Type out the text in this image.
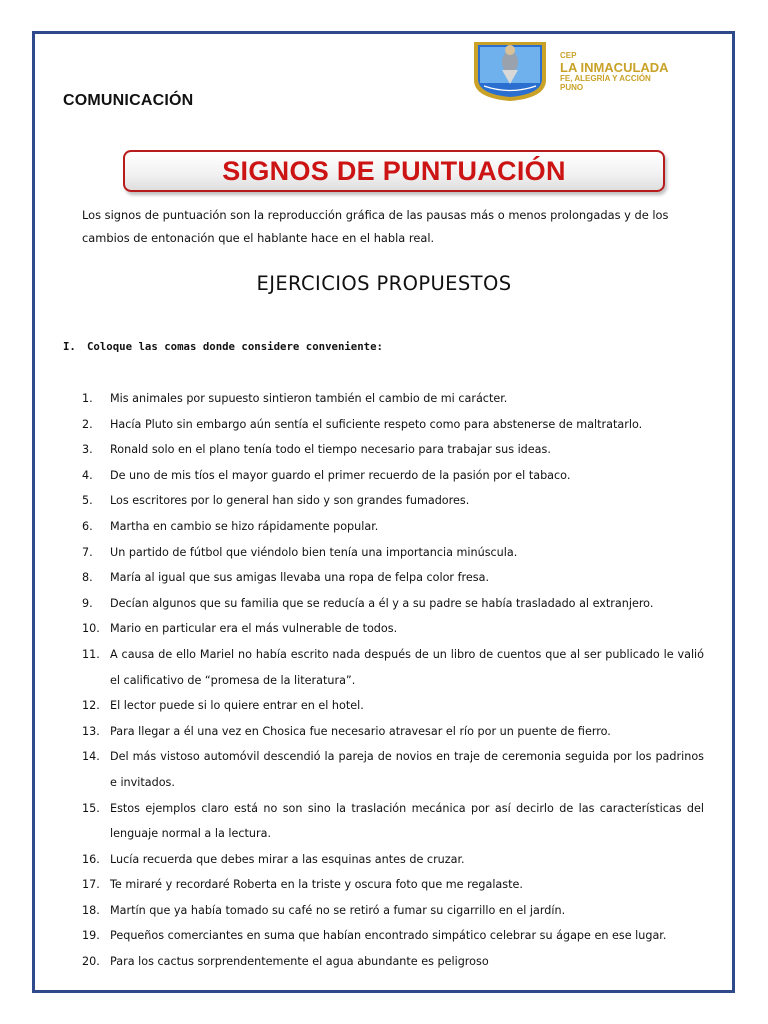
COMUNICACIÓN
CEP
LA INMACULADA
FE, ALEGRÍA Y ACCIÓN
PUNO
SIGNOS DE PUNTUACIÓN
Los signos de puntuación son la reproducción gráfica de las pausas más o menos prolongadas y de los cambios de entonación que el hablante hace en el habla real.
EJERCICIOS PROPUESTOS
I. Coloque las comas donde considere conveniente:
1.	Mis animales por supuesto sintieron también el cambio de mi carácter.
2.	Hacía Pluto sin embargo aún sentía el suficiente respeto como para abstenerse de maltratarlo.
3.	Ronald solo en el plano tenía todo el tiempo necesario para trabajar sus ideas.
4.	De uno de mis tíos el mayor guardo el primer recuerdo de la pasión por el tabaco.
5.	Los escritores por lo general han sido y son grandes fumadores.
6.	Martha en cambio se hizo rápidamente popular.
7.	Un partido de fútbol que viéndolo bien tenía una importancia minúscula.
8.	María al igual que sus amigas llevaba una ropa de felpa color fresa.
9.	Decían algunos que su familia que se reducía a él y a su padre se había trasladado al extranjero.
10. Mario en particular era el más vulnerable de todos.
11. A causa de ello Mariel no había escrito nada después de un libro de cuentos que al ser publicado le valió el calificativo de “promesa de la literatura”.
12. El lector puede si lo quiere entrar en el hotel.
13. Para llegar a él una vez en Chosica fue necesario atravesar el río por un puente de fierro.
14. Del más vistoso automóvil descendió la pareja de novios en traje de ceremonia seguida por los padrinos e invitados.
15. Estos ejemplos claro está no son sino la traslación mecánica por así decirlo de las características del lenguaje normal a la lectura.
16. Lucía recuerda que debes mirar a las esquinas antes de cruzar.
17. Te miraré y recordaré Roberta en la triste y oscura foto que me regalaste.
18. Martín que ya había tomado su café no se retiró a fumar su cigarrillo en el jardín.
19. Pequeños comerciantes en suma que habían encontrado simpático celebrar su ágape en ese lugar.
20. Para los cactus sorprendentemente el agua abundante es peligroso
